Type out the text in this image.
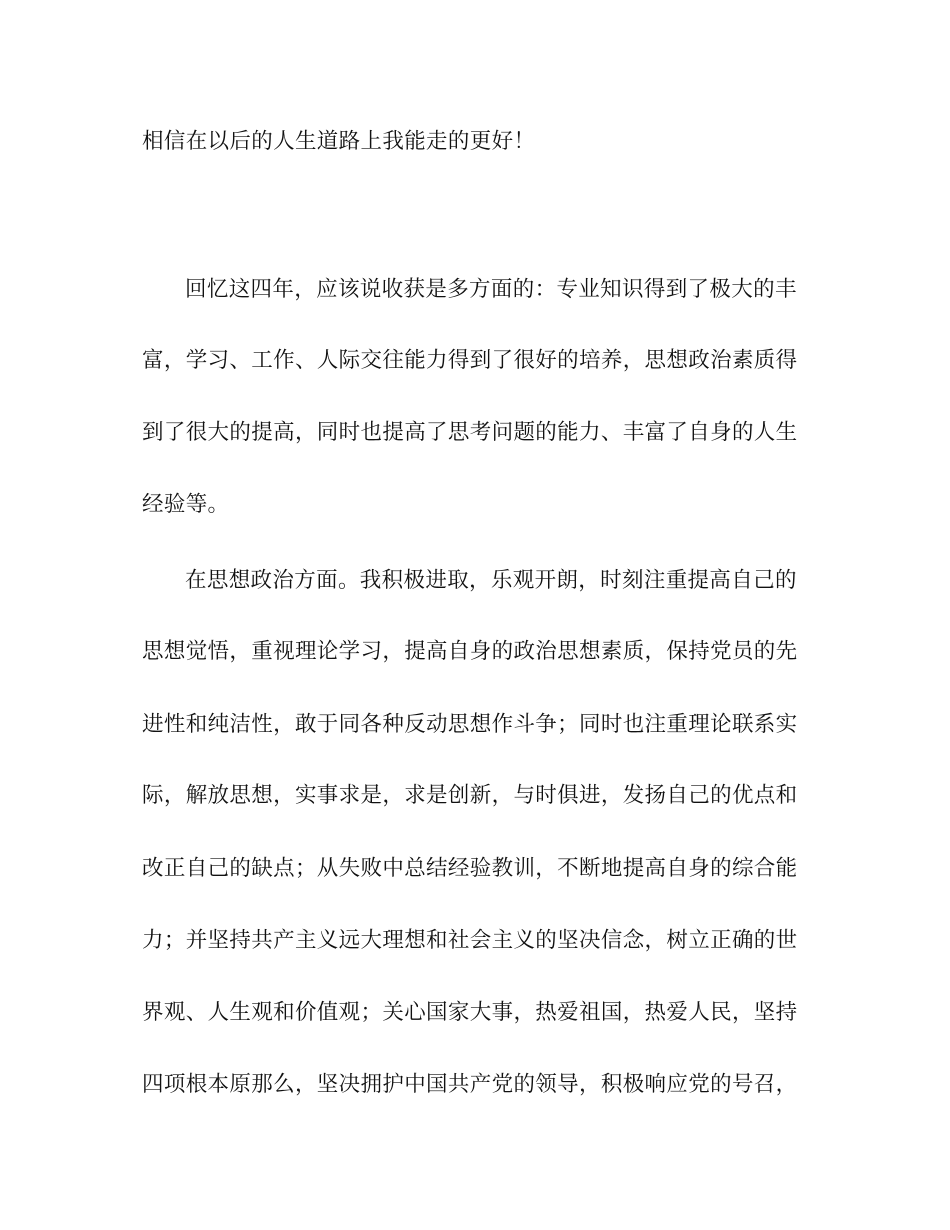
相信在以后的人生道路上我能走的更好！
回忆这四年，应该说收获是多方面的：专业知识得到了极大的丰
富，学习、工作、人际交往能力得到了很好的培养，思想政治素质得
到了很大的提高，同时也提高了思考问题的能力、丰富了自身的人生
经验等。
在思想政治方面。我积极进取，乐观开朗，时刻注重提高自己的
思想觉悟，重视理论学习，提高自身的政治思想素质，保持党员的先
进性和纯洁性，敢于同各种反动思想作斗争；同时也注重理论联系实
际，解放思想，实事求是，求是创新，与时俱进，发扬自己的优点和
改正自己的缺点；从失败中总结经验教训，不断地提高自身的综合能
力；并坚持共产主义远大理想和社会主义的坚决信念，树立正确的世
界观、人生观和价值观；关心国家大事，热爱祖国，热爱人民，坚持
四项根本原那么，坚决拥护中国共产党的领导，积极响应党的号召，
